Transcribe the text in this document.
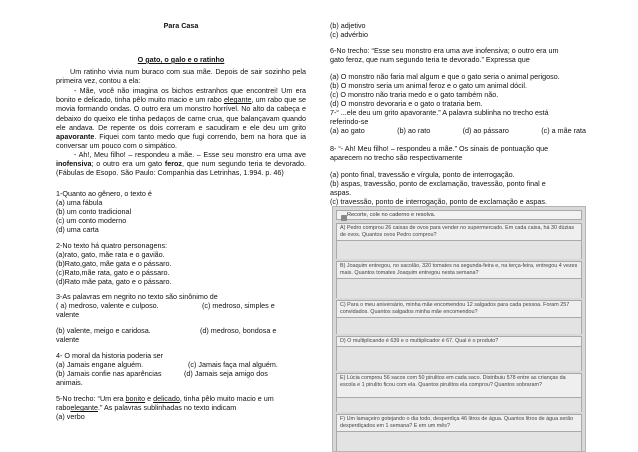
Para Casa
O gato, o galo e o ratinho
Um ratinho vivia num buraco com sua mãe. Depois de sair sozinho pela primeira vez, contou a ela:
- Mãe, você não imagina os bichos estranhos que encontrei! Um era bonito e delicado, tinha pêlo muito macio e um rabo elegante, um rabo que se movia formando ondas. O outro era um monstro horrível. No alto da cabeça e debaixo do queixo ele tinha pedaços de carne crua, que balançavam quando ele andava. De repente os dois correram e sacudiram e ele deu um grito apavorante. Fiquei com tanto medo que fugi correndo, bem na hora que ia conversar um pouco com o simpático.
- Ah!, Meu filho! – respondeu a mãe. – Esse seu monstro era uma ave inofensiva; o outro era um gato feroz, que num segundo teria te devorado. (Fábulas de Esopo. São Paulo: Companhia das Letrinhas, 1.994. p. 46)
1-Quanto ao gênero, o texto é
(a) uma fábula
(b) um conto tradicional
(c) um conto moderno
(d) uma carta
2-No texto há quatro personagens:
(a)rato, gato, mãe rata e o gavião.
(b)Rato,gato, mãe gata e o pássaro.
(c)Rato,mãe rata, gato e o pássaro.
(d)Rato mãe pata, gato e o pássaro.
3-As palavras em negrito no texto são sinônimo de
( a) medroso, valente e culposo.	(c) medroso, simples e
valente
(b) valente, meigo e caridosa.	(d) medroso, bondosa e
valente
4- O moral da historia poderia ser
(a) Jamais engane alguém.	(c) Jamais faça mal alguém.
(b) Jamais confie nas aparências	(d) Jamais seja amigo dos
animais.
5-No trecho: “Um era bonito e delicado, tinha pêlo muito macio e um
raboelegante.” As palavras sublinhadas no texto indicam
(a) verbo
(b) adjetivo
(c) advérbio
6-No trecho: “Esse seu monstro era uma ave inofensiva; o outro era um
gato feroz, que num segundo teria te devorado.” Expressa que
(a) O monstro não faria mal algum e que o gato seria o animal perigoso.
(b) O monstro seria um animal feroz e o gato um animal dócil.
(c) O monstro não traria medo e o gato também não.
(d) O monstro devoraria e o gato o trataria bem.
7-“ ...ele deu um grito apavorante.” A palavra sublinha no trecho está
referindo-se
(a) ao gato	(b) ao rato	(d) ao pássaro	(c) a mãe rata
8- “- Ah! Meu filho! – respondeu a mãe.” Os sinais de pontuação que
aparecem no trecho são respectivamente
(a) ponto final, travessão e vírgula, ponto de interrogação.
(b) aspas, travessão, ponto de exclamação, travessão, ponto final e
aspas.
(c) travessão, ponto de interrogação, ponto de exclamação e aspas.
Recorte, cole no caderno e resolva.
A) Pedro comprou 26 caixas de ovos para vender no supermercado. Em cada caixa, há 30 dúzias de ovos. Quantos ovos Pedro comprou?
B) Joaquim entregou, no sacolão, 320 tomates na segunda-feira e, na terça-feira, entregou 4 vezes mais. Quantos tomates Joaquim entregou nesta semana?
C) Para o meu aniversário, minha mãe encomendou 12 salgados para cada pessoa. Foram 257 convidados. Quantos salgados minha mãe encomendou?
D) O multiplicando é 639 e o multiplicador é 67. Qual é o produto?
E) Lúcia comprou 56 sacos com 50 pirulitos em cada saco. Distribuiu 578 entre as crianças da escola e 1 pirulito ficou com ela. Quantos pirulitos ela comprou? Quantos sobraram?
F) Um lamaçeiro gotejando o dia todo, desperdiça 46 litros de água. Quantos litros de água serão desperdiçados em 1 semana? E em um mês?
